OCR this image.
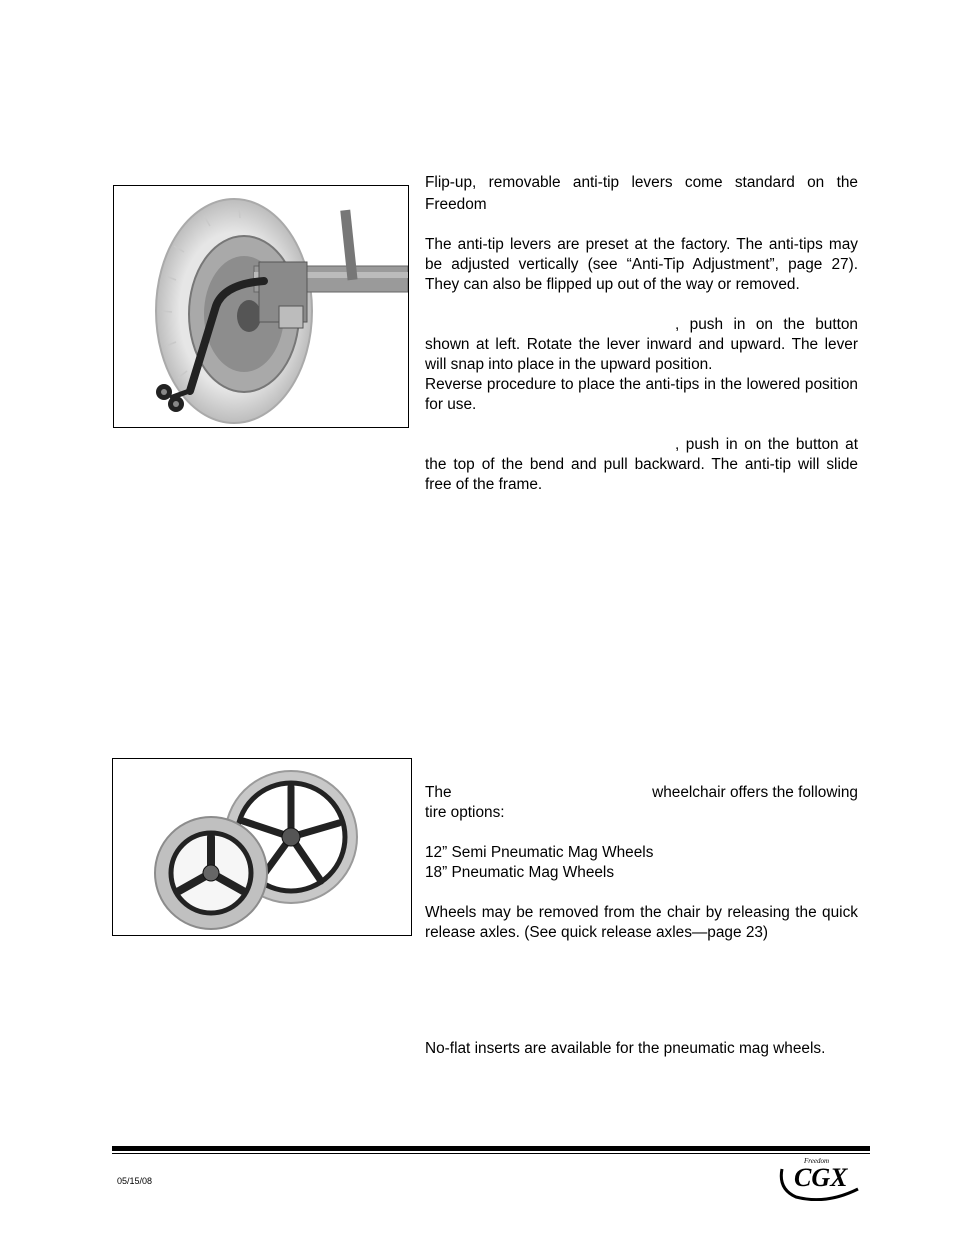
Flip-up, removable anti-tip levers come standard on the

Freedom

The anti-tip levers are preset at the factory. The anti-tips may be adjusted vertically (see “Anti-Tip Adjustment”, page 27). They can also be flipped up out of the way or removed.

, push in on the button

shown at left. Rotate the lever inward and upward. The lever will snap into place in the upward position.

Reverse procedure to place the anti-tips in the lowered position for use.

, push in on the button at

the top of the bend and pull backward. The anti-tip will slide free of the frame.

The	wheelchair offers the following

tire options:

12” Semi Pneumatic Mag Wheels

18” Pneumatic Mag Wheels

Wheels may be removed from the chair by releasing the quick release axles. (See quick release axles—page 23)

No-flat inserts are available for the pneumatic mag wheels.

05/15/08
Freedom
CGX
